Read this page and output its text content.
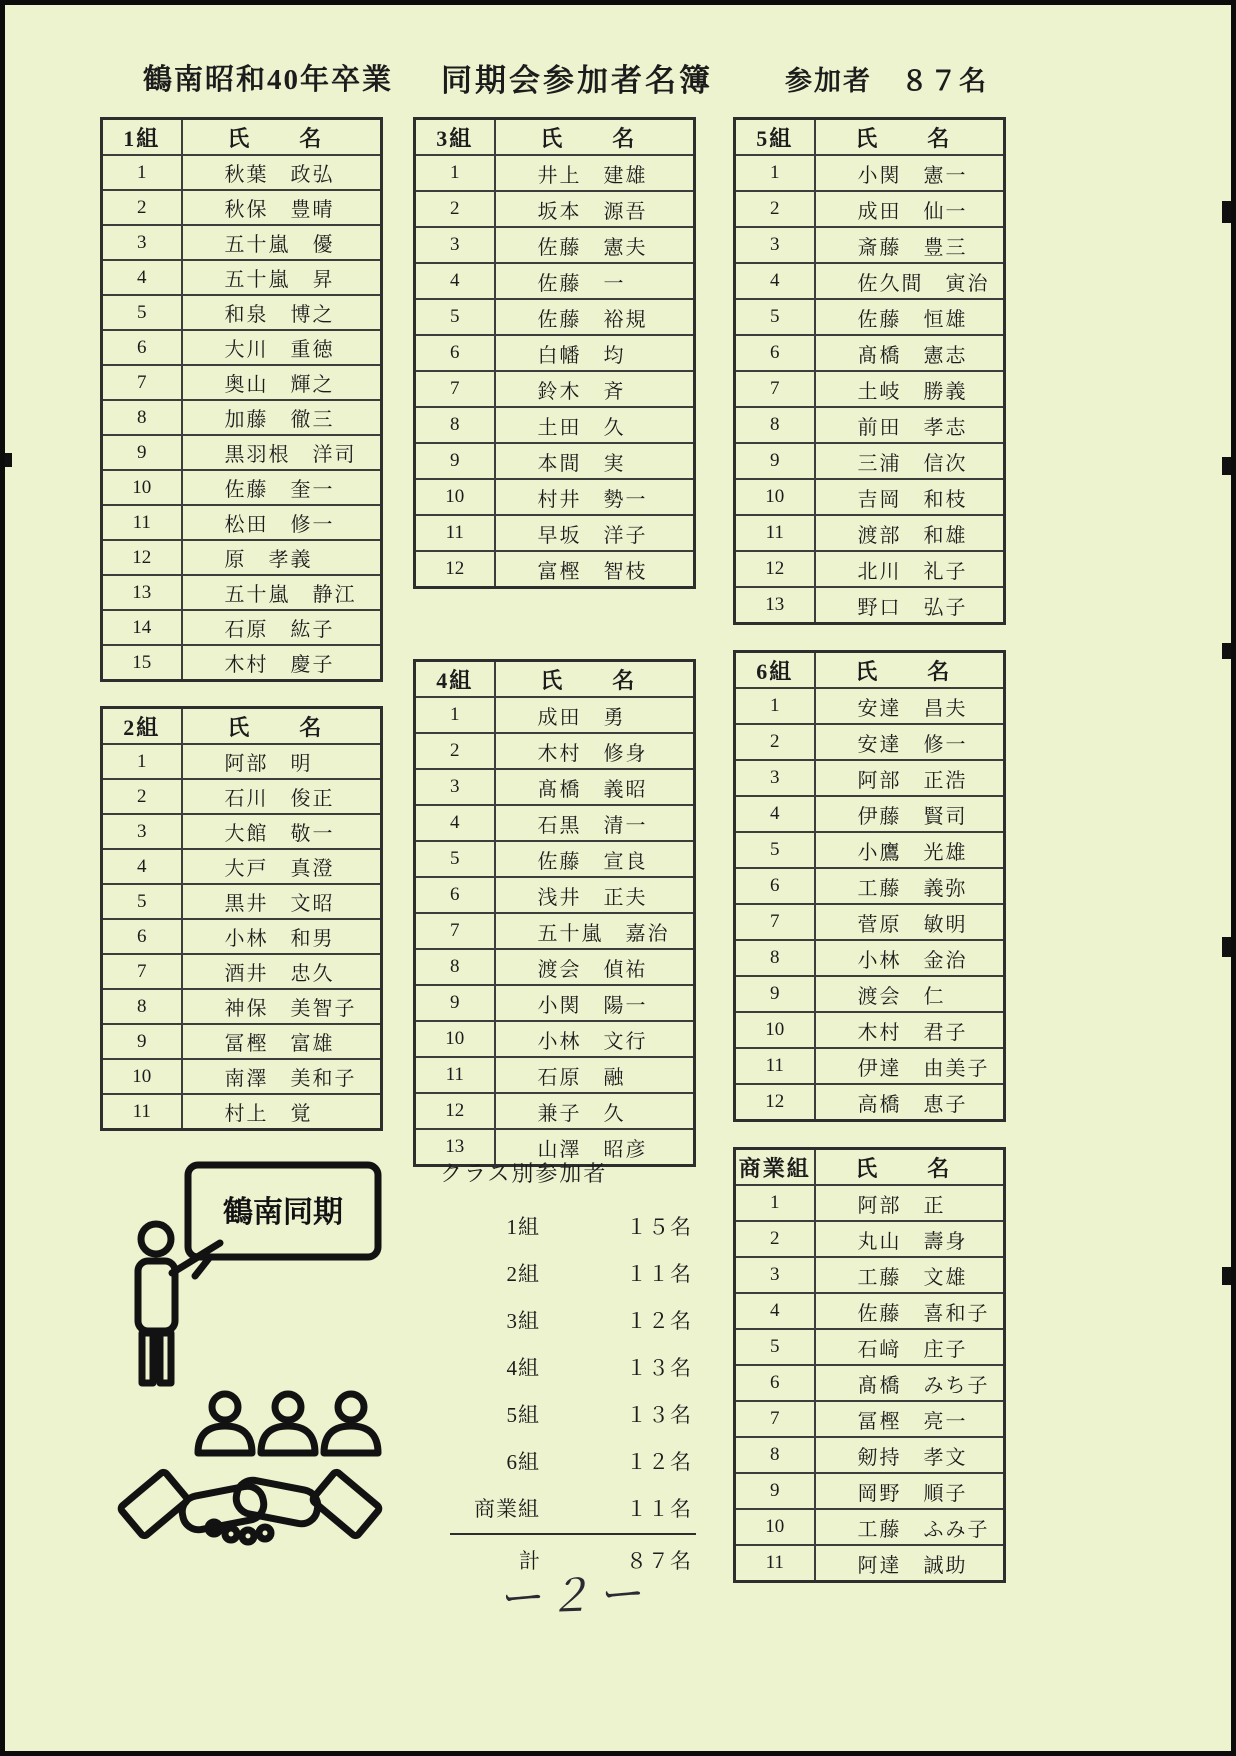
鶴南昭和40年卒業 同期会参加者名簿	参加者　８７名
1組	氏　名
1	秋葉　政弘
2	秋保　豊晴
3	五十嵐　優
4	五十嵐　昇
5	和泉　博之
6	大川　重徳
7	奥山　輝之
8	加藤　徹三
9	黒羽根　洋司
10	佐藤　奎一
11	松田　修一
12	原　孝義
13	五十嵐　静江
14	石原　紘子
15	木村　慶子
2組	氏　名
1	阿部　明
2	石川　俊正
3	大館　敬一
4	大戸　真澄
5	黒井　文昭
6	小林　和男
7	酒井　忠久
8	神保　美智子
9	冨樫　富雄
10	南澤　美和子
11	村上　覚
3組	氏　名
1	井上　建雄
2	坂本　源吾
3	佐藤　憲夫
4	佐藤　一
5	佐藤　裕規
6	白幡　均
7	鈴木　斉
8	土田　久
9	本間　実
10	村井　勢一
11	早坂　洋子
12	富樫　智枝
4組	氏　名
1	成田　勇
2	木村　修身
3	髙橋　義昭
4	石黒　清一
5	佐藤　宣良
6	浅井　正夫
7	五十嵐　嘉治
8	渡会　偵祐
9	小関　陽一
10	小林　文行
11	石原　融
12	兼子　久
13	山澤　昭彦
5組	氏　名
1	小関　憲一
2	成田　仙一
3	斎藤　豊三
4	佐久間　寅治
5	佐藤　恒雄
6	髙橋　憲志
7	土岐　勝義
8	前田　孝志
9	三浦　信次
10	吉岡　和枝
11	渡部　和雄
12	北川　礼子
13	野口　弘子
6組	氏　名
1	安達　昌夫
2	安達　修一
3	阿部　正浩
4	伊藤　賢司
5	小鷹　光雄
6	工藤　義弥
7	菅原　敏明
8	小林　金治
9	渡会　仁
10	木村　君子
11	伊達　由美子
12	高橋　恵子
商業組	氏　名
1	阿部　正
2	丸山　壽身
3	工藤　文雄
4	佐藤　喜和子
5	石﨑　庄子
6	髙橋　みち子
7	冨樫　亮一
8	剱持　孝文
9	岡野　順子
10	工藤　ふみ子
11	阿達　誠助
クラス別参加者
1組	１５名
2組	１１名
3組	１２名
4組	１３名
5組	１３名
6組	１２名
商業組	１１名
計	８７名
鶴南同期
ー２ー
